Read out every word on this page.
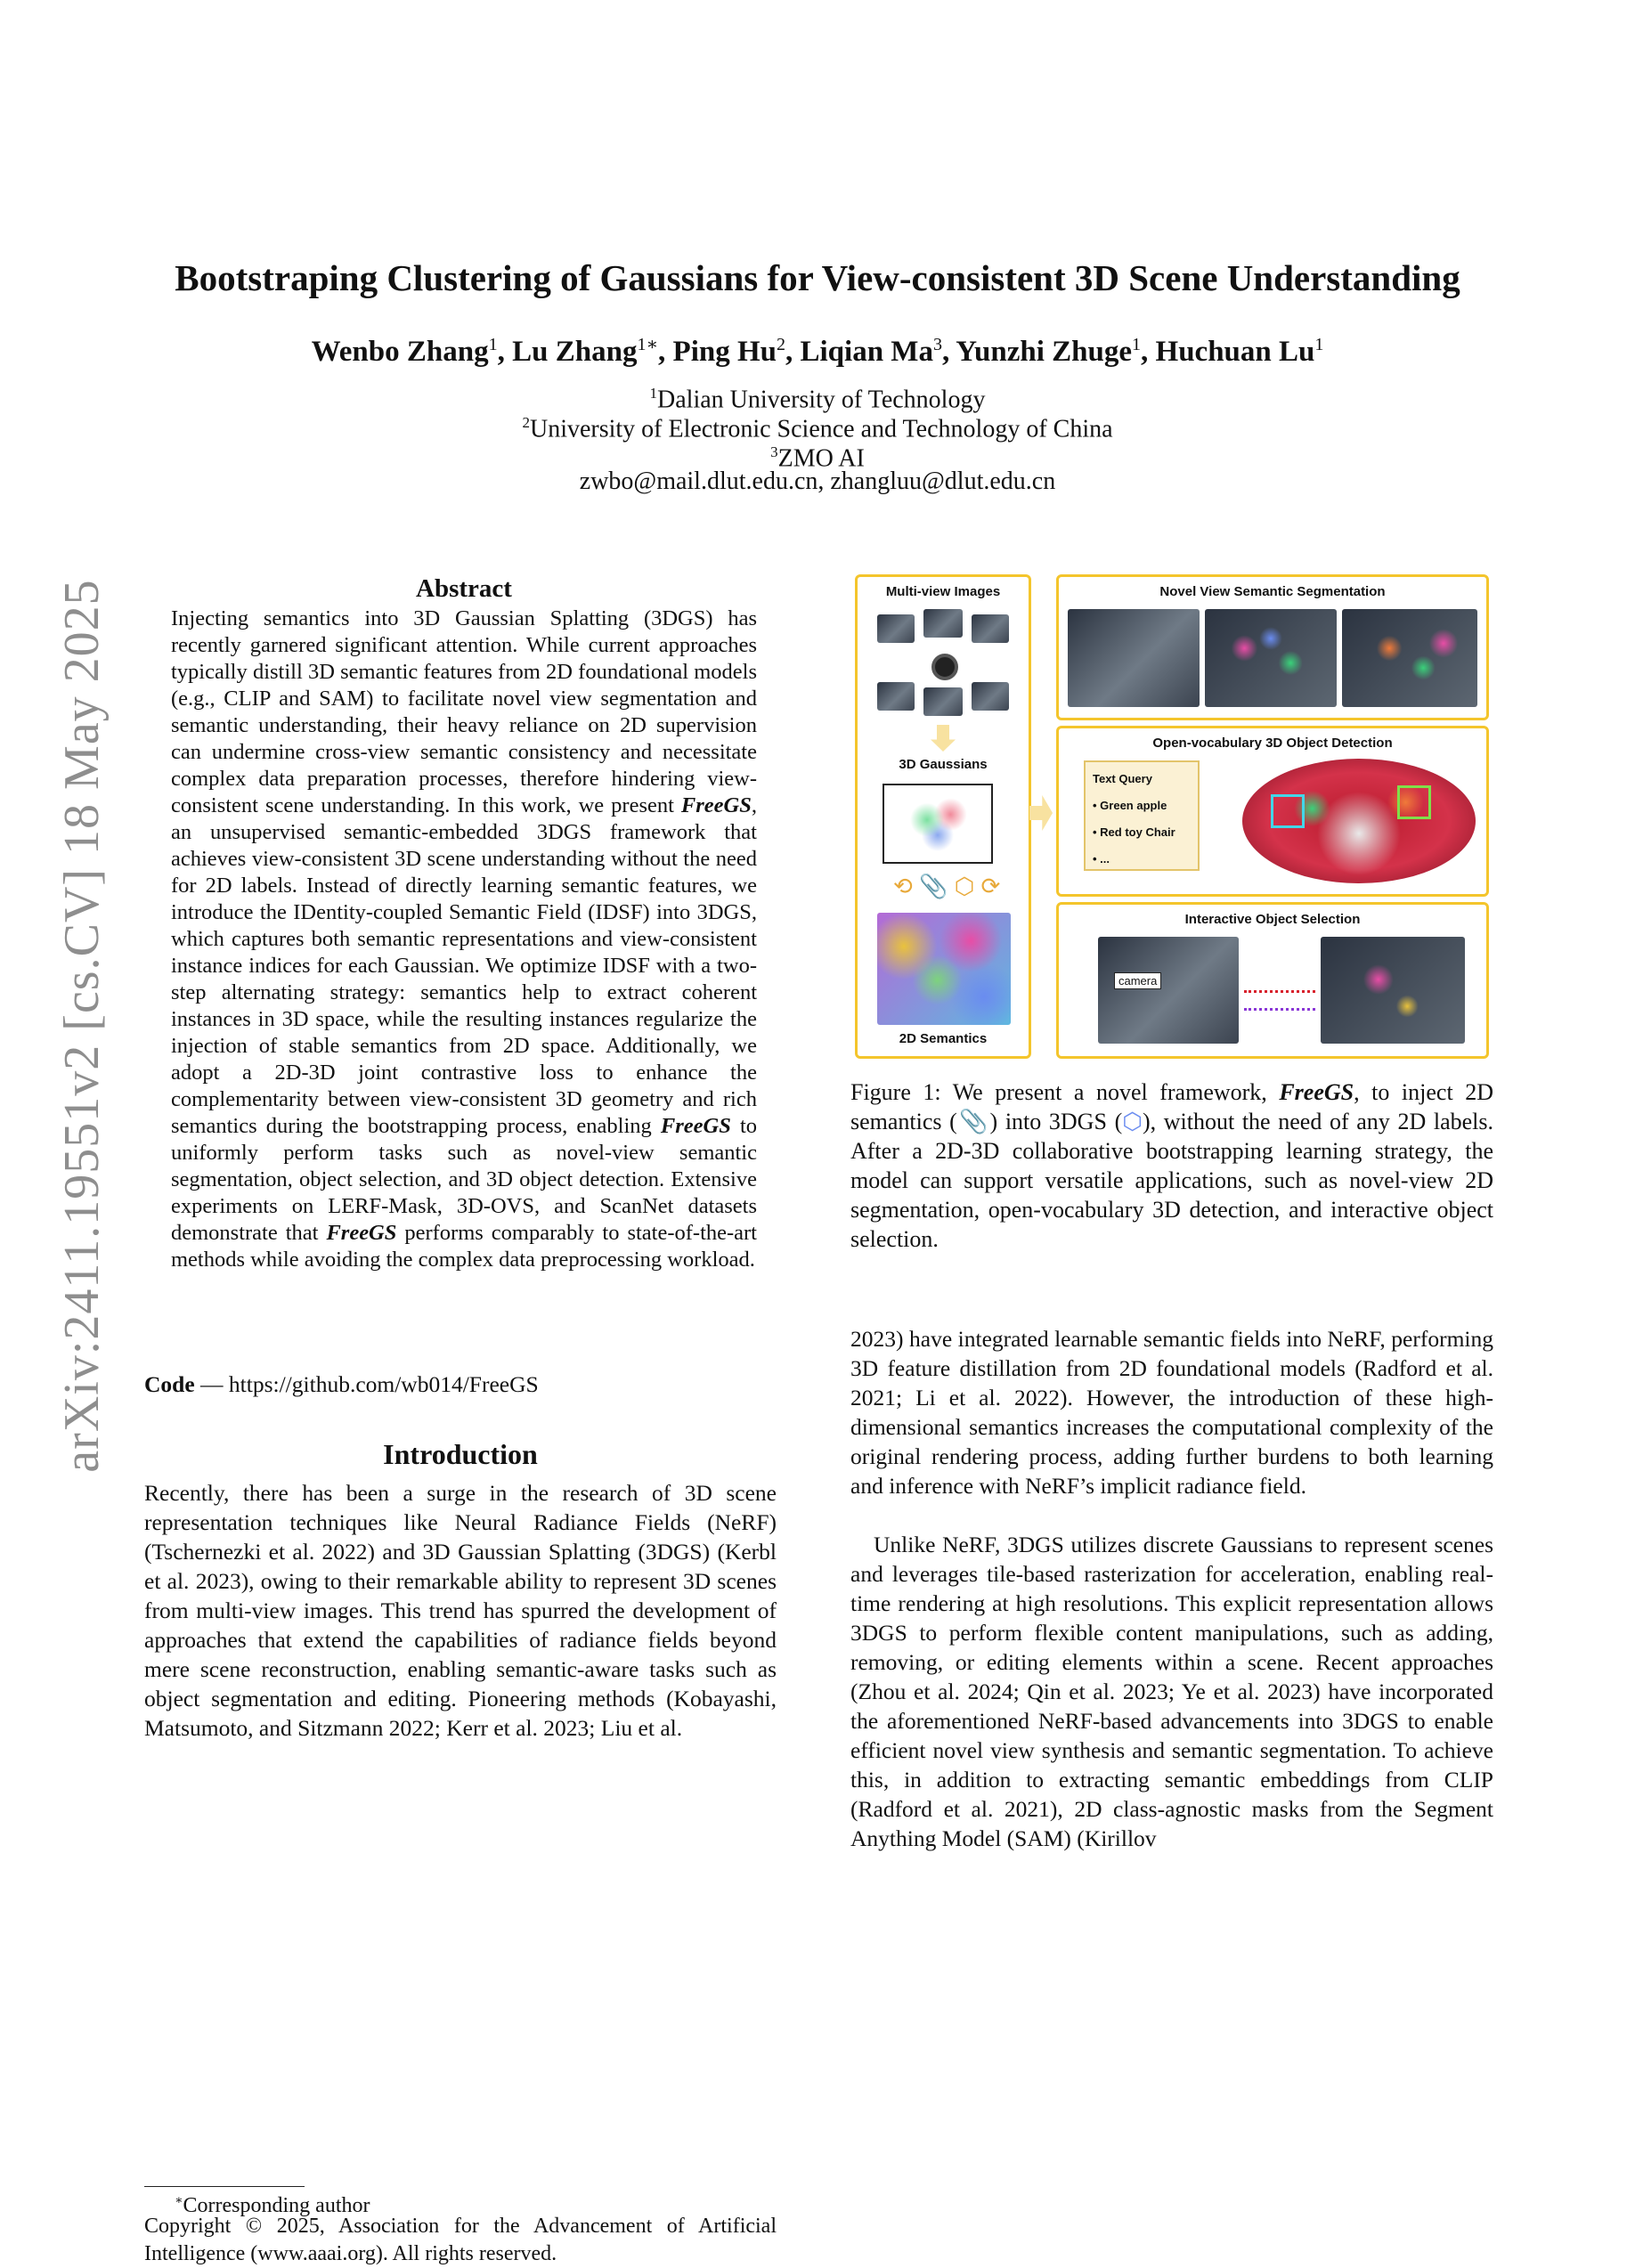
arXiv:2411.19551v2 [cs.CV] 18 May 2025
Bootstraping Clustering of Gaussians for View-consistent 3D Scene Understanding
Wenbo Zhang$^1$, Lu Zhang$^{1∗}$, Ping Hu$^2$, Liqian Ma$^3$, Yunzhi Zhuge$^1$, Huchuan Lu$^1$
$^1$Dalian University of Technology
$^2$University of Electronic Science and Technology of China
$^3$ZMO AI
zwbo@mail.dlut.edu.cn, zhangluu@dlut.edu.cn
Abstract
Injecting semantics into 3D Gaussian Splatting (3DGS) has recently garnered significant attention. While current approaches typically distill 3D semantic features from 2D foundational models (e.g., CLIP and SAM) to facilitate novel view segmentation and semantic understanding, their heavy reliance on 2D supervision can undermine cross-view semantic consistency and necessitate complex data preparation processes, therefore hindering view-consistent scene understanding. In this work, we present FreeGS, an unsupervised semantic-embedded 3DGS framework that achieves view-consistent 3D scene understanding without the need for 2D labels. Instead of directly learning semantic features, we introduce the IDentity-coupled Semantic Field (IDSF) into 3DGS, which captures both semantic representations and view-consistent instance indices for each Gaussian. We optimize IDSF with a two-step alternating strategy: semantics help to extract coherent instances in 3D space, while the resulting instances regularize the injection of stable semantics from 2D space. Additionally, we adopt a 2D-3D joint contrastive loss to enhance the complementarity between view-consistent 3D geometry and rich semantics during the bootstrapping process, enabling FreeGS to uniformly perform tasks such as novel-view semantic segmentation, object selection, and 3D object detection. Extensive experiments on LERF-Mask, 3D-OVS, and ScanNet datasets demonstrate that FreeGS performs comparably to state-of-the-art methods while avoiding the complex data preprocessing workload.
Code — https://github.com/wb014/FreeGS
Introduction
Recently, there has been a surge in the research of 3D scene representation techniques like Neural Radiance Fields (NeRF) (Tschernezki et al. 2022) and 3D Gaussian Splatting (3DGS) (Kerbl et al. 2023), owing to their remarkable ability to represent 3D scenes from multi-view images. This trend has spurred the development of approaches that extend the capabilities of radiance fields beyond mere scene reconstruction, enabling semantic-aware tasks such as object segmentation and editing. Pioneering methods (Kobayashi, Matsumoto, and Sitzmann 2022; Kerr et al. 2023; Liu et al.
∗Corresponding author
Copyright © 2025, Association for the Advancement of Artificial Intelligence (www.aaai.org). All rights reserved.
Multi-view Images
3D Gaussians
⟲ 📎 ⬡ ⟳
2D Semantics
Novel View Semantic Segmentation
Open-vocabulary 3D Object Detection
Text Query
• Green apple
• Red toy Chair
• ...
Interactive Object Selection
camera
Figure 1: We present a novel framework, FreeGS, to inject 2D semantics (📎) into 3DGS (⬡), without the need of any 2D labels. After a 2D-3D collaborative bootstrapping learning strategy, the model can support versatile applications, such as novel-view 2D segmentation, open-vocabulary 3D detection, and interactive object selection.
2023) have integrated learnable semantic fields into NeRF, performing 3D feature distillation from 2D foundational models (Radford et al. 2021; Li et al. 2022). However, the introduction of these high-dimensional semantics increases the computational complexity of the original rendering process, adding further burdens to both learning and inference with NeRF’s implicit radiance field.
Unlike NeRF, 3DGS utilizes discrete Gaussians to represent scenes and leverages tile-based rasterization for acceleration, enabling real-time rendering at high resolutions. This explicit representation allows 3DGS to perform flexible content manipulations, such as adding, removing, or editing elements within a scene. Recent approaches (Zhou et al. 2024; Qin et al. 2023; Ye et al. 2023) have incorporated the aforementioned NeRF-based advancements into 3DGS to enable efficient novel view synthesis and semantic segmentation. To achieve this, in addition to extracting semantic embeddings from CLIP (Radford et al. 2021), 2D class-agnostic masks from the Segment Anything Model (SAM) (Kirillov
